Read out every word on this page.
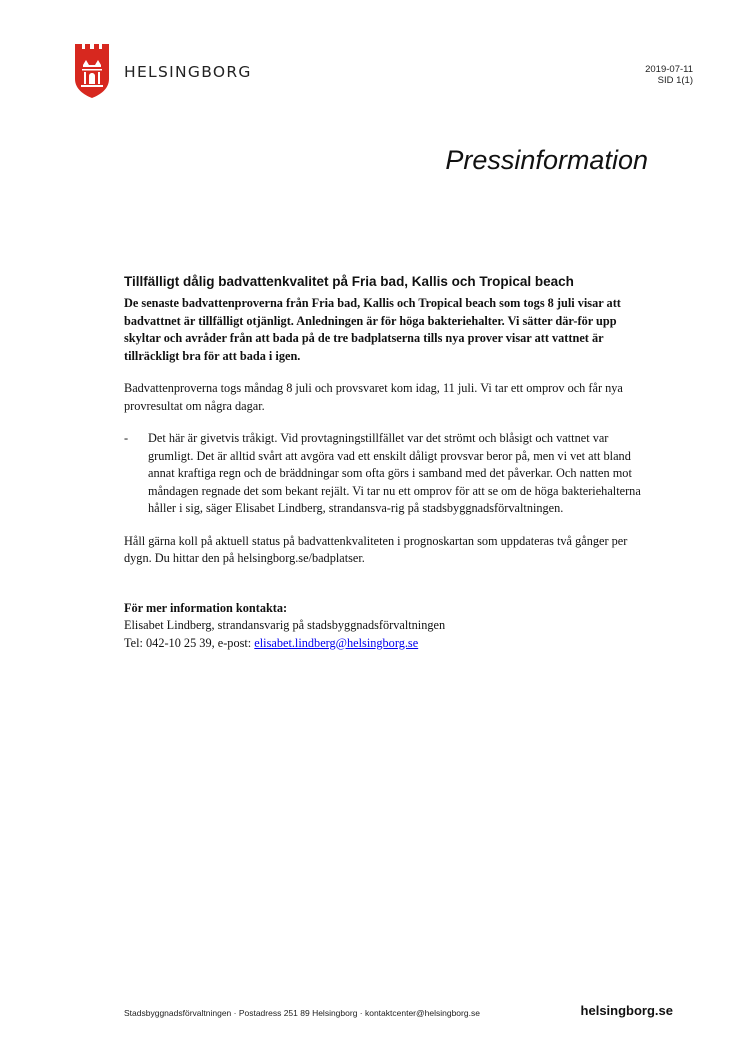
HELSINGBORG	2019-07-11
SID 1(1)
Pressinformation
Tillfälligt dålig badvattenkvalitet på Fria bad, Kallis och Tropical beach

De senaste badvattenproverna från Fria bad, Kallis och Tropical beach som togs 8 juli visar att badvattnet är tillfälligt otjänligt. Anledningen är för höga bakteriehalter. Vi sätter där-för upp skyltar och avråder från att bada på de tre badplatserna tills nya prover visar att vattnet är tillräckligt bra för att bada i igen.

Badvattenproverna togs måndag 8 juli och provsvaret kom idag, 11 juli. Vi tar ett omprov och får nya provresultat om några dagar.

- Det här är givetvis tråkigt. Vid provtagningstillfället var det strömt och blåsigt och vattnet var grumligt. Det är alltid svårt att avgöra vad ett enskilt dåligt provsvar beror på, men vi vet att bland annat kraftiga regn och de bräddningar som ofta görs i samband med det påverkar. Och natten mot måndagen regnade det som bekant rejält. Vi tar nu ett omprov för att se om de höga bakteriehalterna håller i sig, säger Elisabet Lindberg, strandansva-rig på stadsbyggnadsförvaltningen.

Håll gärna koll på aktuell status på badvattenkvaliteten i prognoskartan som uppdateras två gånger per dygn. Du hittar den på helsingborg.se/badplatser.

För mer information kontakta:
Elisabet Lindberg, strandansvarig på stadsbyggnadsförvaltningen
Tel: 042-10 25 39, e-post: elisabet.lindberg@helsingborg.se
Stadsbyggnadsförvaltningen · Postadress 251 89 Helsingborg · kontaktcenter@helsingborg.se	helsingborg.se
